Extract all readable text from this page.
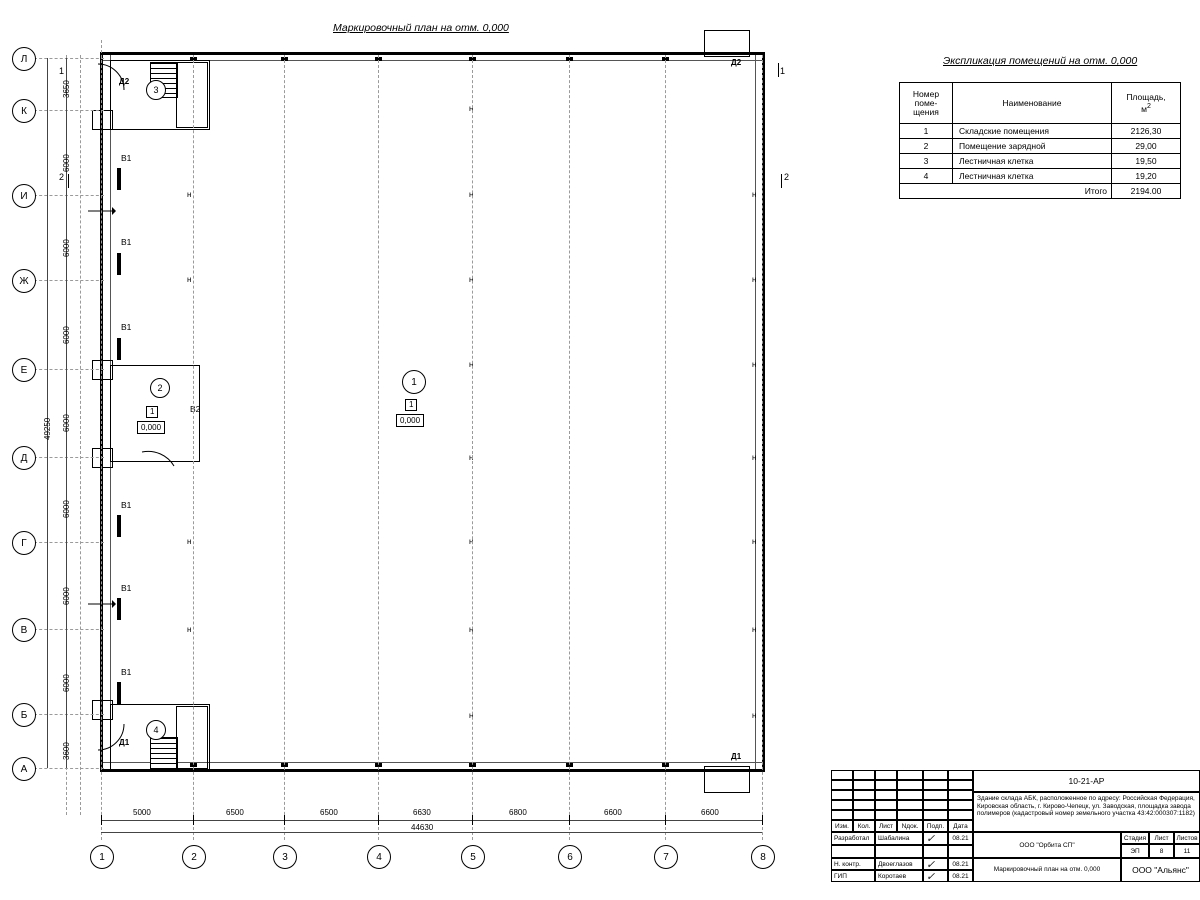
Маркировочный план на отм. 0,000
Экспликация помещений на отм. 0,000
Номер поме-щения	Наименование	Площадь,
$м^2$
1	Складские помещения	2126,30
2	Помещение зарядной	29,00
3	Лестничная клетка	19,50
4	Лестничная клетка	19,20
	Итого	2194.00
3
2
1
0,000
4
1
1
0,000
В1
В1
В1
В2
В1
В1
В1
Д2
Д2
Д1
Д1
н
н
н
н
н
н
н
н
н
н
н
н
н
н
н
н
н
н
н
1	1
2	2
Л
К
И
Ж
Е
Д
Г
В
Б
А
3650
6000
6000
6000
6000
6000
6000
6000
3600
49250
5000	6500	6500	6630	6800	6600	6600
44630
1	2	3	4	5	6	7	8
Изм.	Кол.	Лист	Nдок.	Подп.	Дата
Разработал	Шабалина	✓	08.21
Н. контр.	Двоеглазов	✓	08.21
ГИП	Коротаев	✓	08.21
10-21-АР
Здание склада АБК, расположенное по адресу: Российская Федерация, Кировская область, г. Кирово-Чепецк, ул. Заводская, площадка завода полимеров (кадастровый номер земельного участка 43:42:000307:1182)
ООО "Орбита СП"
Маркировочный план на отм. 0,000
Стадия	Лист	Листов
ЭП	8	11
ООО "Альянс"
